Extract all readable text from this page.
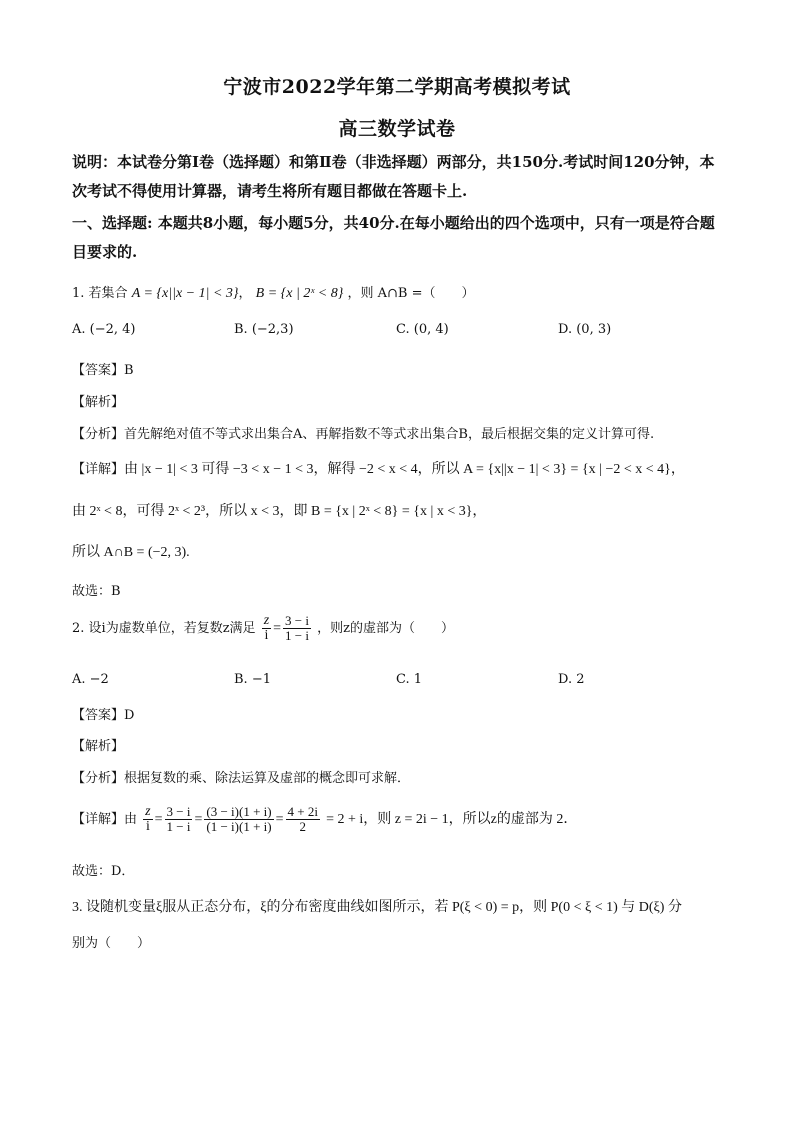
宁波市2022学年第二学期高考模拟考试
高三数学试卷
说明：本试卷分第Ⅰ卷（选择题）和第Ⅱ卷（非选择题）两部分，共150分.考试时间120分钟，本次考试不得使用计算器，请考生将所有题目都做在答题卡上.
一、选择题: 本题共8小题，每小题5分，共40分.在每小题给出的四个选项中，只有一项是符合题目要求的.
1. 若集合 A = {x||x − 1| < 3}， B = {x | 2ˣ < 8} ，则 A∩B =（　　）
A. (−2, 4)	B. (−2,3)	C. (0, 4)	D. (0, 3)
【答案】B
【解析】
【分析】首先解绝对值不等式求出集合A、再解指数不等式求出集合B，最后根据交集的定义计算可得.
【详解】由 |x − 1| < 3 可得 −3 < x − 1 < 3，解得 −2 < x < 4，所以 A = {x||x − 1| < 3} = {x | −2 < x < 4}，
由 2ˣ < 8，可得 2ˣ < 2³，所以 x < 3，即 B = {x | 2ˣ < 8} = {x | x < 3}，
所以 A∩B = (−2, 3).
故选：B
2. 设i为虚数单位，若复数z满足 $\frac{z}{i} = \frac{3 - i}{1 - i}$ ，则z的虚部为（　　）
A. −2	B. −1	C. 1	D. 2
【答案】D
【解析】
【分析】根据复数的乘、除法运算及虚部的概念即可求解．
【详解】由 $\frac{z}{i} = \frac{3 - i}{1 - i} = \frac{(3 - i)(1 + i)}{(1 - i)(1 + i)} = \frac{4 + 2i}{2} = 2 + i$，则 z = 2i − 1，所以z的虚部为 2．
故选：D．
3. 设随机变量ξ服从正态分布，ξ的分布密度曲线如图所示，若 P(ξ < 0) = p，则 P(0 < ξ < 1) 与 D(ξ) 分
别为（　　）
